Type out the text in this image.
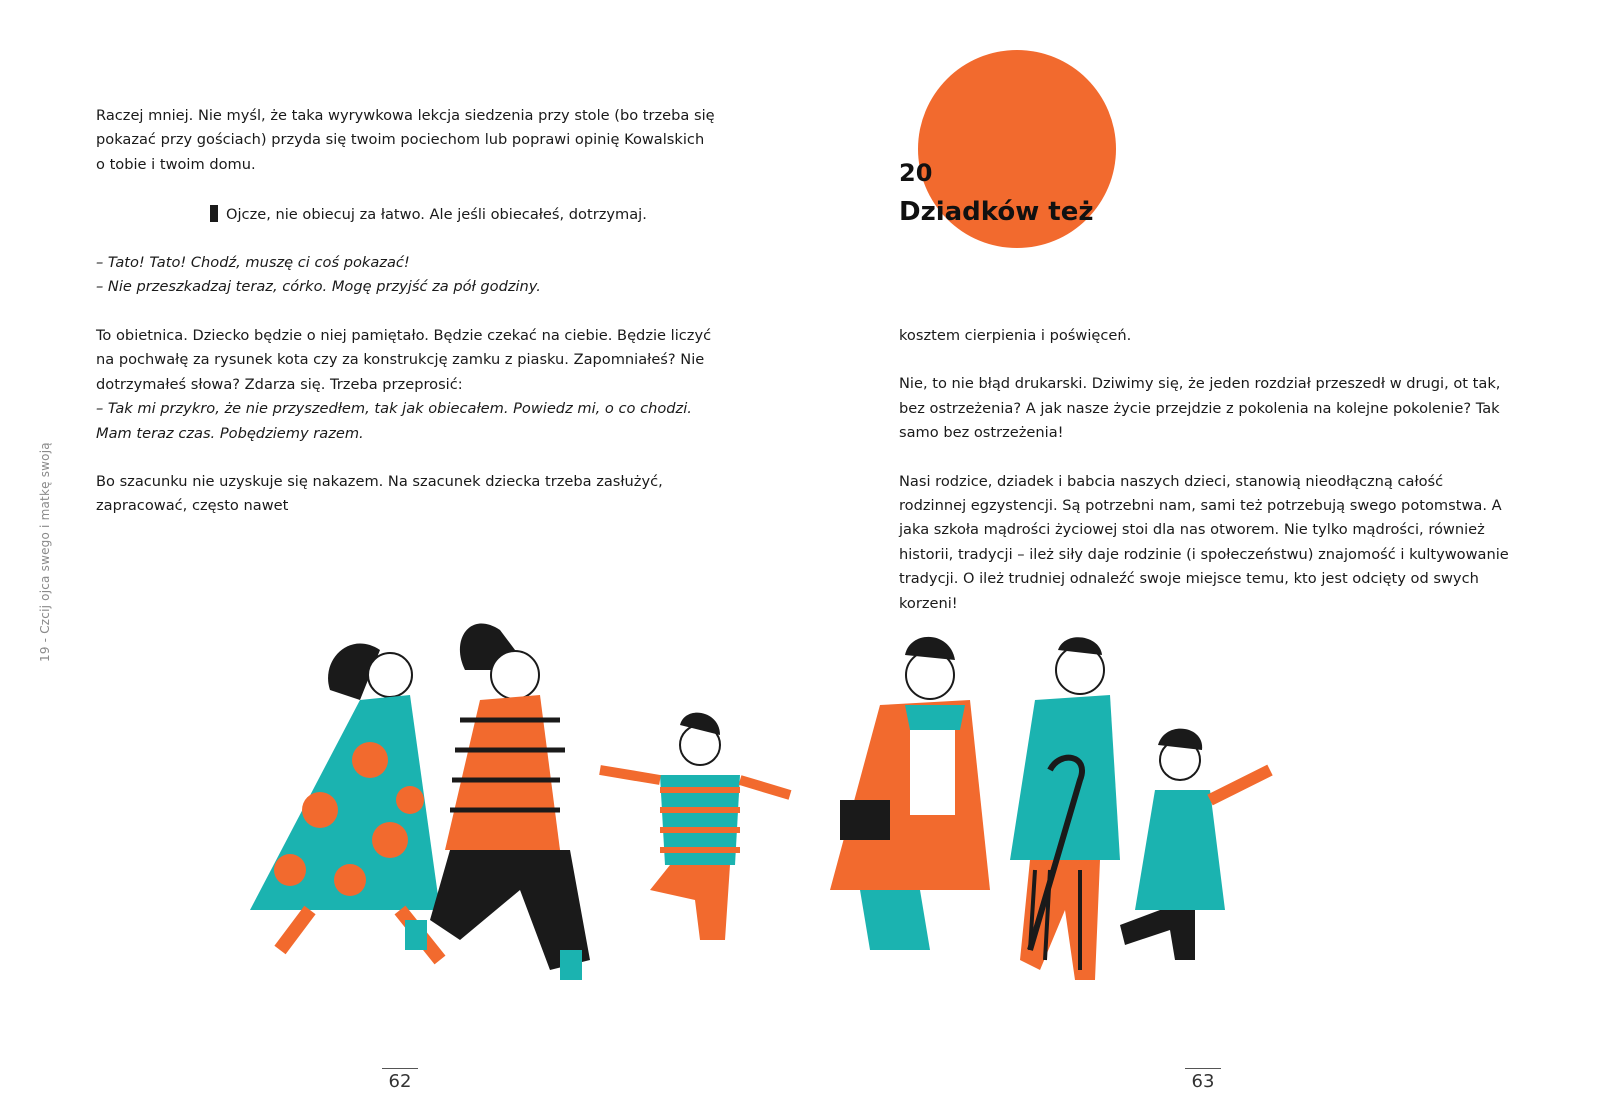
19 - Czcij ojca swego i matkę swoją

Raczej mniej. Nie myśl, że taka wyrywkowa lekcja siedzenia przy stole (bo trzeba się pokazać przy gościach) przyda się twoim pociechom lub poprawi opinię Kowalskich o tobie i twoim domu.

Ojcze, nie obiecuj za łatwo. Ale jeśli obiecałeś, dotrzymaj.

– Tato! Tato! Chodź, muszę ci coś pokazać!

– Nie przeszkadzaj teraz, córko. Mogę przyjść za pół godziny.

To obietnica. Dziecko będzie o niej pamiętało. Będzie czekać na ciebie. Będzie liczyć na pochwałę za rysunek kota czy za konstrukcję zamku z piasku. Zapomniałeś? Nie dotrzymałeś słowa? Zdarza się. Trzeba przeprosić:

– Tak mi przykro, że nie przyszedłem, tak jak obiecałem. Powiedz mi, o co chodzi. Mam teraz czas. Pobędziemy razem.

Bo szacunku nie uzyskuje się nakazem. Na szacunek dziecka trzeba zasłużyć, zapracować, często nawet

20
Dziadków też

kosztem cierpienia i poświęceń.

Nie, to nie błąd drukarski. Dziwimy się, że jeden rozdział przeszedł w drugi, ot tak, bez ostrzeżenia? A jak nasze życie przejdzie z pokolenia na kolejne pokolenie? Tak samo bez ostrzeżenia!

Nasi rodzice, dziadek i babcia naszych dzieci, stanowią nieodłączną całość rodzinnej egzystencji. Są potrzebni nam, sami też potrzebują swego potomstwa. A jaka szkoła mądrości życiowej stoi dla nas otworem. Nie tylko mądrości, również historii, tradycji – ileż siły daje rodzinie (i społeczeństwu) znajomość i kultywowanie tradycji. O ileż trudniej odnaleźć swoje miejsce temu, kto jest odcięty od swych korzeni!

62	63
